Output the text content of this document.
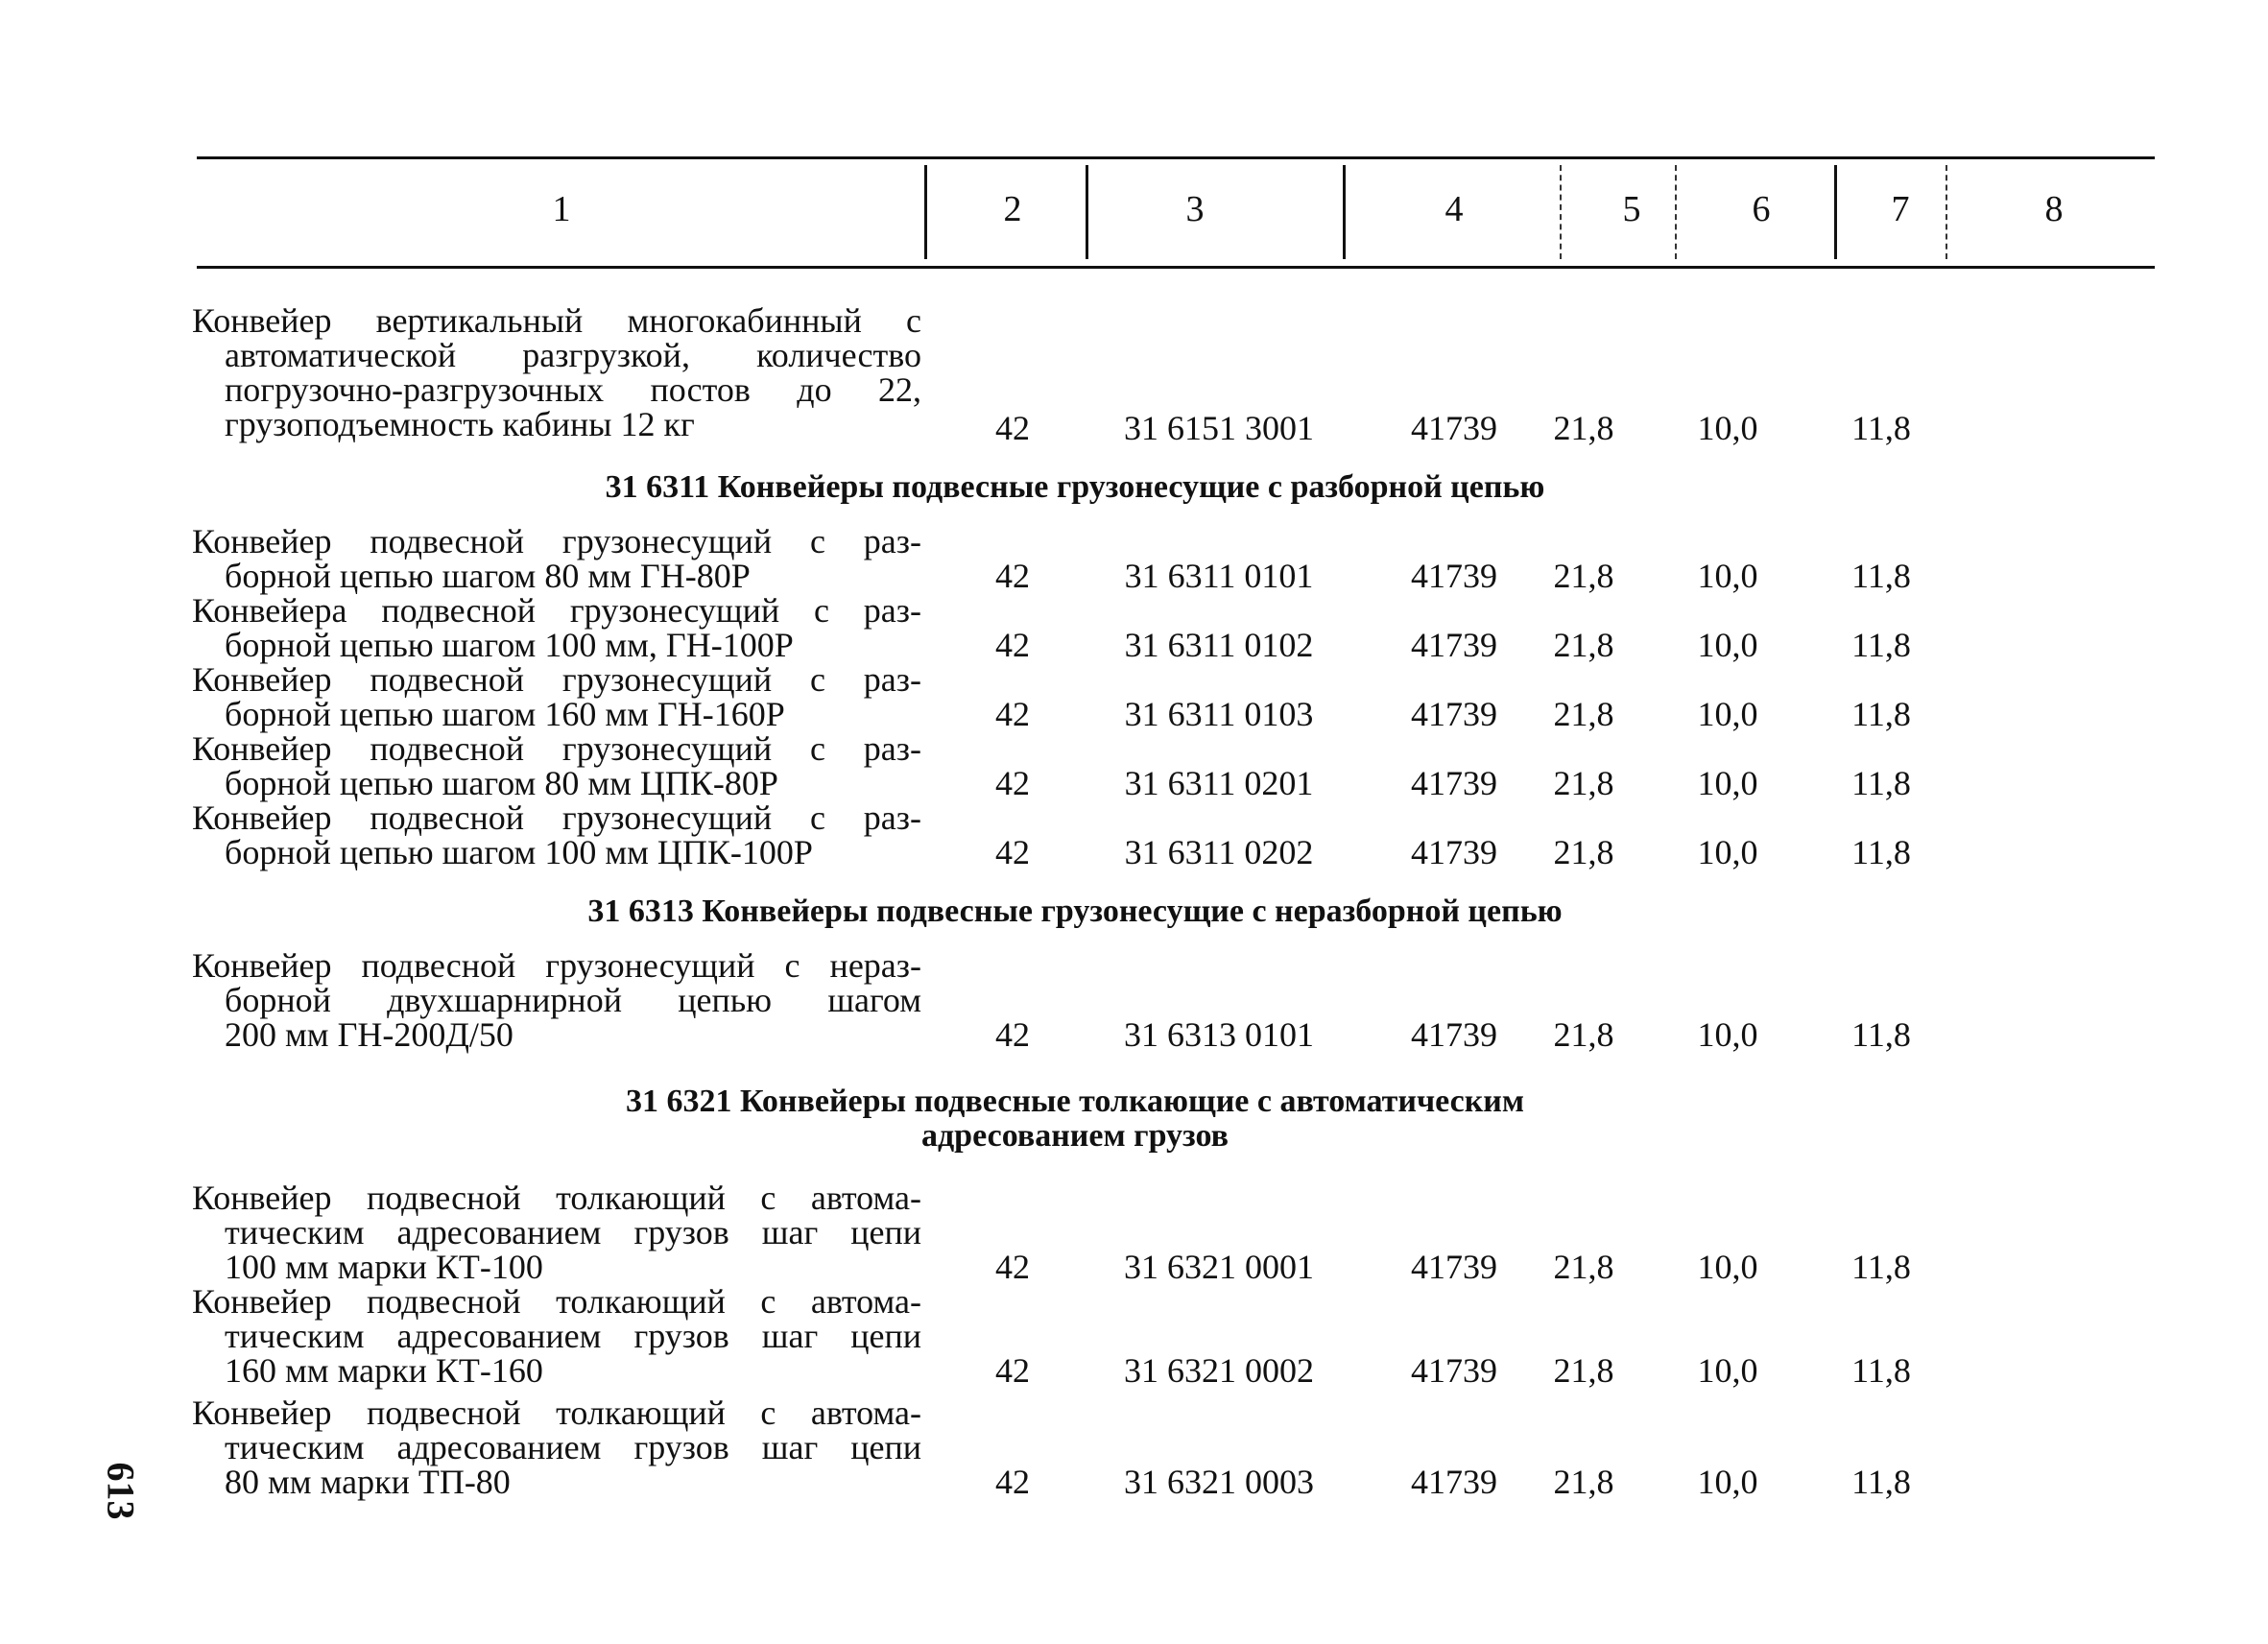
1	2	3	4	5	6	7	8
Конвейер вертикальный многокабинный с
автоматической разгрузкой, количество
погрузочно-разгрузочных постов до 22,
грузоподъемность кабины 12 кг	42	31 6151 3001	41739	21,8	10,0	11,8
31 6311 Конвейеры подвесные грузонесущие с разборной цепью
Конвейер подвесной грузонесущий с раз-
борной цепью шагом 80 мм ГН-80Р	42	31 6311 0101	41739	21,8	10,0	11,8
Конвейера подвесной грузонесущий с раз-
борной цепью шагом 100 мм, ГН-100Р	42	31 6311 0102	41739	21,8	10,0	11,8
Конвейер подвесной грузонесущий с раз-
борной цепью шагом 160 мм ГН-160Р	42	31 6311 0103	41739	21,8	10,0	11,8
Конвейер подвесной грузонесущий с раз-
борной цепью шагом 80 мм ЦПК-80Р	42	31 6311 0201	41739	21,8	10,0	11,8
Конвейер подвесной грузонесущий с раз-
борной цепью шагом 100 мм ЦПК-100Р	42	31 6311 0202	41739	21,8	10,0	11,8
31 6313 Конвейеры подвесные грузонесущие с неразборной цепью
Конвейер подвесной грузонесущий с нераз-
борной двухшарнирной цепью шагом
200 мм ГН-200Д/50	42	31 6313 0101	41739	21,8	10,0	11,8
31 6321 Конвейеры подвесные толкающие с автоматическим
адресованием грузов
Конвейер подвесной толкающий с автома-
тическим адресованием грузов шаг цепи
100 мм марки КТ-100	42	31 6321 0001	41739	21,8	10,0	11,8
Конвейер подвесной толкающий с автома-
тическим адресованием грузов шаг цепи
160 мм марки КТ-160	42	31 6321 0002	41739	21,8	10,0	11,8
Конвейер подвесной толкающий с автома-
тическим адресованием грузов шаг цепи
80 мм марки ТП-80	42	31 6321 0003	41739	21,8	10,0	11,8
613
